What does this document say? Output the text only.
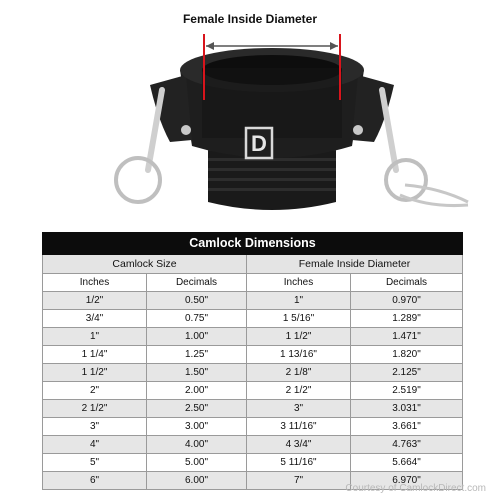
Female Inside Diameter
D
Camlock Dimensions			
Camlock Size		Female Inside Diameter	
Inches	Decimals	Inches	Decimals
1/2"	0.50"	1"	0.970"
3/4"	0.75"	1 5/16"	1.289"
1"	1.00"	1 1/2"	1.471"
1 1/4"	1.25"	1 13/16"	1.820"
1 1/2"	1.50"	2 1/8"	2.125"
2"	2.00"	2 1/2"	2.519"
2 1/2"	2.50"	3"	3.031"
3"	3.00"	3 11/16"	3.661"
4"	4.00"	4 3/4"	4.763"
5"	5.00"	5 11/16"	5.664"
6"	6.00"	7"	6.970"
Courtesy of CamlockDirect.com
